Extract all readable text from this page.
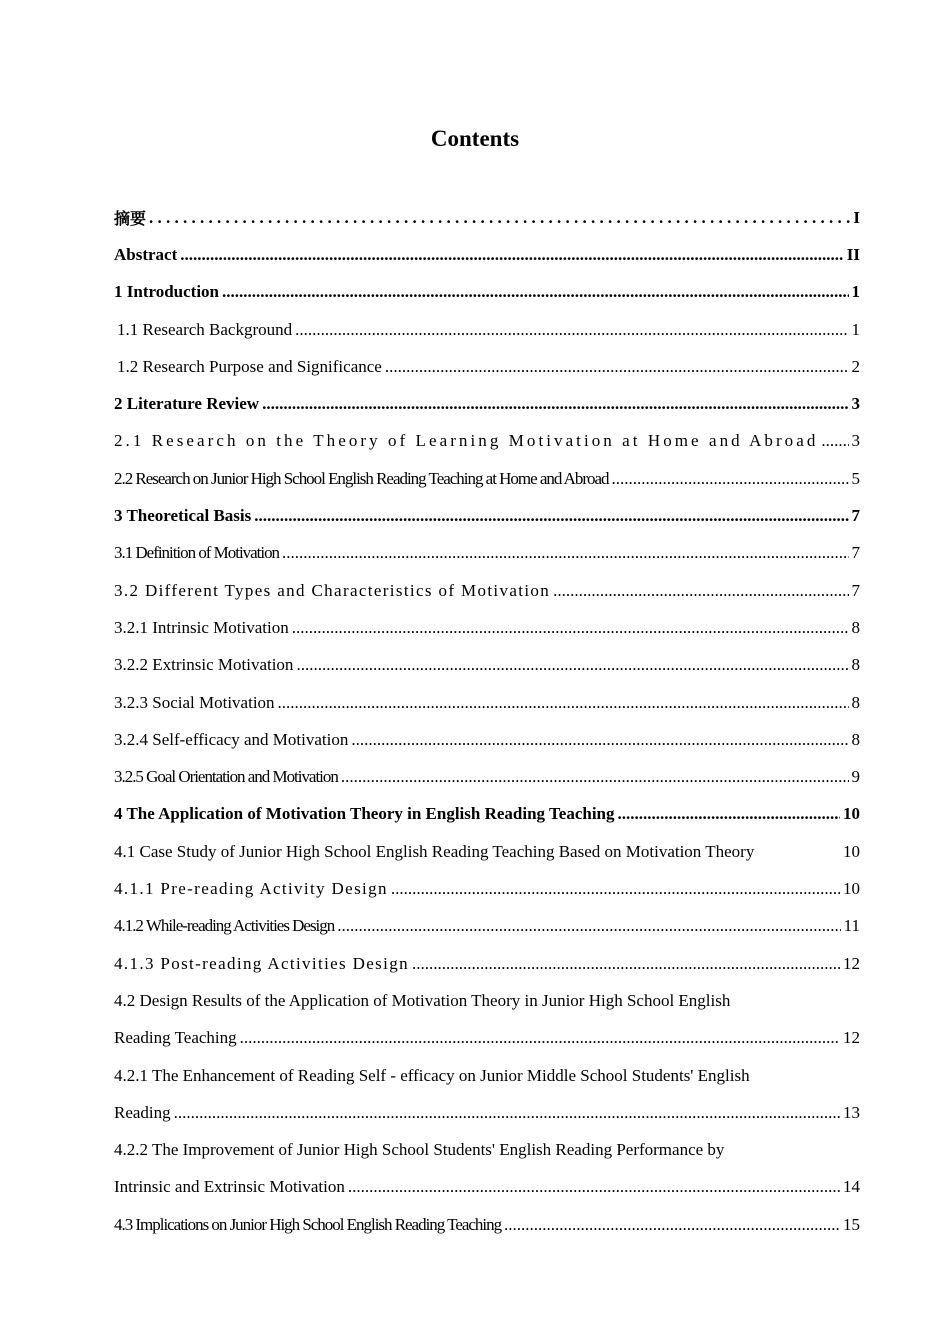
Contents
摘要 . . .	I
Abstract .....	II
1 Introduction .....	1
1.1 Research Background .....	1
1.2 Research Purpose and Significance .....	2
2 Literature Review .....	3
2.1 Research on the Theory of Learning Motivation at Home and Abroad ..... 3
2.2 Research on Junior High School English Reading Teaching at Home and Abroad .....	5
3 Theoretical Basis .....	7
3.1 Definition of Motivation .....	7
3.2 Different Types and Characteristics of Motivation .....	7
3.2.1 Intrinsic Motivation .....	8
3.2.2 Extrinsic Motivation .....	8
3.2.3 Social Motivation .....	8
3.2.4 Self-efficacy and Motivation .....	8
3.2.5 Goal Orientation and Motivation .....	9
4 The Application of Motivation Theory in English Reading Teaching .....	10
4.1 Case Study of Junior High School English Reading Teaching Based on Motivation Theory	10
4.1.1 Pre-reading Activity Design .....	10
4.1.2 While-reading Activities Design .....	11
4.1.3 Post-reading Activities Design .....	12
4.2 Design Results of the Application of Motivation Theory in Junior High School English
Reading Teaching .....	12
4.2.1 The Enhancement of Reading Self - efficacy on Junior Middle School Students' English
Reading .....	13
4.2.2 The Improvement of Junior High School Students' English Reading Performance by
Intrinsic and Extrinsic Motivation .....	14
4.3 Implications on Junior High School English Reading Teaching .....	15
